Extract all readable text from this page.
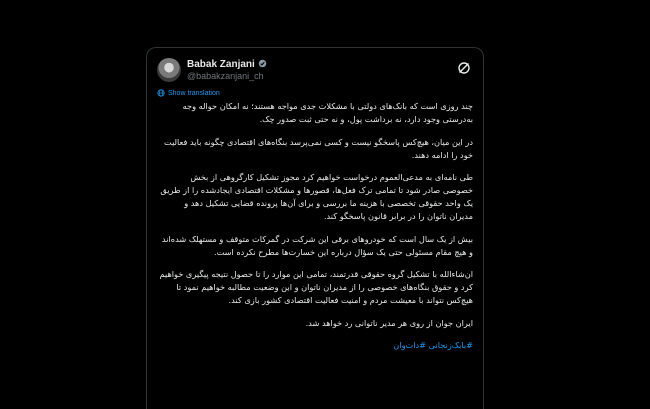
Babak Zanjani
@babakzanjani_ch
Show translation

چند روزی است که بانک‌های دولتی با مشکلات جدی مواجه هستند؛ نه امکان حواله وجه به‌درستی وجود دارد، نه برداشت پول، و نه حتی ثبت صدور چک.

در این میان، هیچ‌کس پاسخگو نیست و کسی نمی‌پرسد بنگاه‌های اقتصادی چگونه باید فعالیت خود را ادامه دهند.

طی نامه‌ای به مدعی‌العموم درخواست خواهیم کرد مجوز تشکیل کارگروهی از بخش خصوصی صادر شود تا تمامی ترک فعل‌ها، قصورها و مشکلات اقتصادی ایجادشده را از طریق یک واحد حقوقی تخصصی با هزینه ما بررسی و برای آن‌ها پرونده قضایی تشکیل دهد و مدیران ناتوان را در برابر قانون پاسخگو کند.

بیش از یک سال است که خودروهای برقی این شرکت در گمرکات متوقف و مستهلک شده‌اند و هیچ مقام مسئولی حتی یک سؤال درباره این خسارت‌ها مطرح نکرده است.

ان‌شاءالله با تشکیل گروه حقوقی قدرتمند، تمامی این موارد را تا حصول نتیجه پیگیری خواهیم کرد و حقوق بنگاه‌های خصوصی را از مدیران ناتوان و این وضعیت مطالبه خواهیم نمود تا هیچ‌کس نتواند با معیشت مردم و امنیت فعالیت اقتصادی کشور بازی کند.

ایران جوان از روی هر مدیر ناتوانی رد خواهد شد.

#بابک‌زنجانی #دات‌وان
